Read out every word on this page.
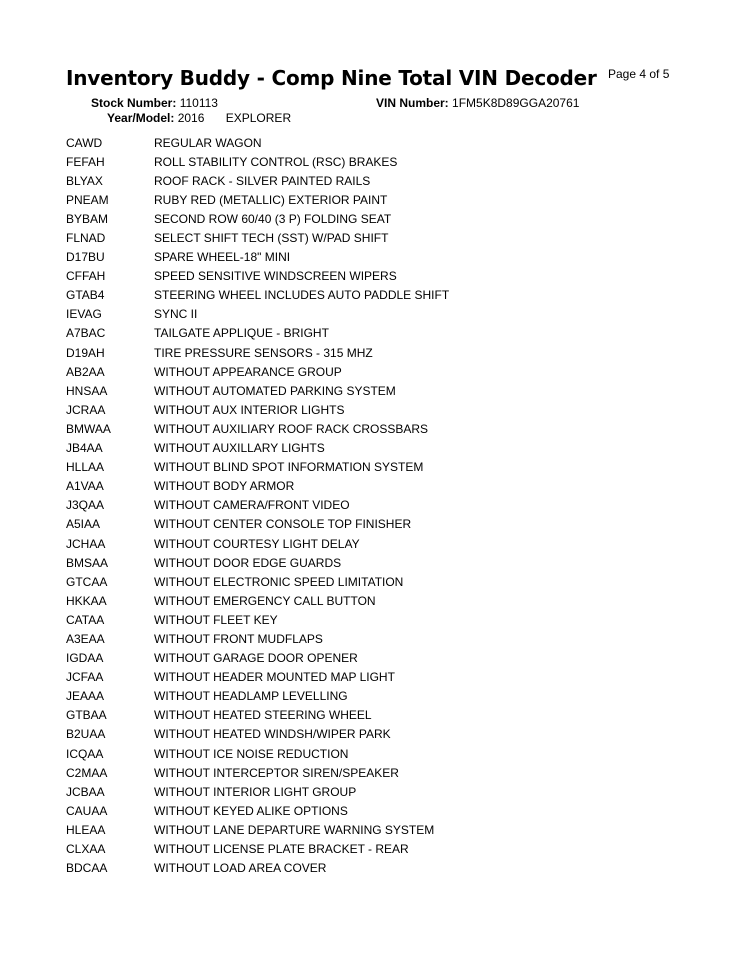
Inventory Buddy - Comp Nine Total VIN Decoder Page 4 of 5
Stock Number: 110113	VIN Number: 1FM5K8D89GGA20761
Year/Model: 2016 EXPLORER
CAWD	REGULAR WAGON
FEFAH	ROLL STABILITY CONTROL (RSC) BRAKES
BLYAX	ROOF RACK - SILVER PAINTED RAILS
PNEAM	RUBY RED (METALLIC) EXTERIOR PAINT
BYBAM	SECOND ROW 60/40 (3 P) FOLDING SEAT
FLNAD	SELECT SHIFT TECH (SST) W/PAD SHIFT
D17BU	SPARE WHEEL-18" MINI
CFFAH	SPEED SENSITIVE WINDSCREEN WIPERS
GTAB4	STEERING WHEEL INCLUDES AUTO PADDLE SHIFT
IEVAG	SYNC II
A7BAC	TAILGATE APPLIQUE - BRIGHT
D19AH	TIRE PRESSURE SENSORS - 315 MHZ
AB2AA	WITHOUT APPEARANCE GROUP
HNSAA	WITHOUT AUTOMATED PARKING SYSTEM
JCRAA	WITHOUT AUX INTERIOR LIGHTS
BMWAA	WITHOUT AUXILIARY ROOF RACK CROSSBARS
JB4AA	WITHOUT AUXILLARY LIGHTS
HLLAA	WITHOUT BLIND SPOT INFORMATION SYSTEM
A1VAA	WITHOUT BODY ARMOR
J3QAA	WITHOUT CAMERA/FRONT VIDEO
A5IAA	WITHOUT CENTER CONSOLE TOP FINISHER
JCHAA	WITHOUT COURTESY LIGHT DELAY
BMSAA	WITHOUT DOOR EDGE GUARDS
GTCAA	WITHOUT ELECTRONIC SPEED LIMITATION
HKKAA	WITHOUT EMERGENCY CALL BUTTON
CATAA	WITHOUT FLEET KEY
A3EAA	WITHOUT FRONT MUDFLAPS
IGDAA	WITHOUT GARAGE DOOR OPENER
JCFAA	WITHOUT HEADER MOUNTED MAP LIGHT
JEAAA	WITHOUT HEADLAMP LEVELLING
GTBAA	WITHOUT HEATED STEERING WHEEL
B2UAA	WITHOUT HEATED WINDSH/WIPER PARK
ICQAA	WITHOUT ICE NOISE REDUCTION
C2MAA	WITHOUT INTERCEPTOR SIREN/SPEAKER
JCBAA	WITHOUT INTERIOR LIGHT GROUP
CAUAA	WITHOUT KEYED ALIKE OPTIONS
HLEAA	WITHOUT LANE DEPARTURE WARNING SYSTEM
CLXAA	WITHOUT LICENSE PLATE BRACKET - REAR
BDCAA	WITHOUT LOAD AREA COVER
